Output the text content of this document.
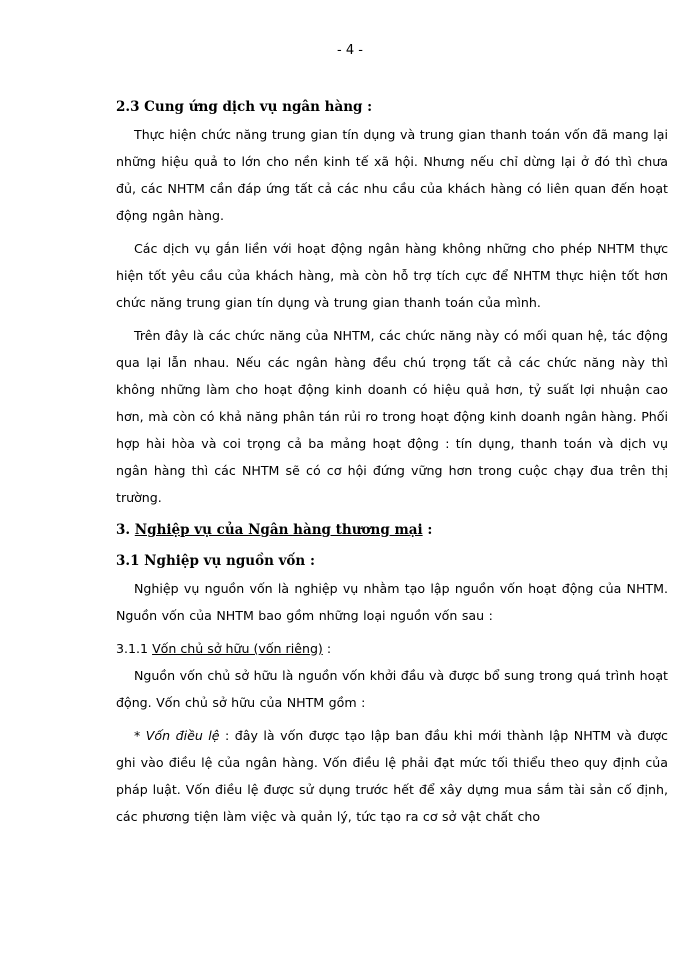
- 4 -

2.3 Cung ứng dịch vụ ngân hàng :

Thực hiện chức năng trung gian tín dụng và trung gian thanh toán vốn đã mang lại những hiệu quả to lớn cho nền kinh tế xã hội. Nhưng nếu chỉ dừng lại ở đó thì chưa đủ, các NHTM cần đáp ứng tất cả các nhu cầu của khách hàng có liên quan đến hoạt động ngân hàng.

Các dịch vụ gắn liền với hoạt động ngân hàng không những cho phép NHTM thực hiện tốt yêu cầu của khách hàng, mà còn hỗ trợ tích cực để NHTM thực hiện tốt hơn chức năng trung gian tín dụng và trung gian thanh toán của mình.

Trên đây là các chức năng của NHTM, các chức năng này có mối quan hệ, tác động qua lại lẫn nhau. Nếu các ngân hàng đều chú trọng tất cả các chức năng này thì không những làm cho hoạt động kinh doanh có hiệu quả hơn, tỷ suất lợi nhuận cao hơn, mà còn có khả năng phân tán rủi ro trong hoạt động kinh doanh ngân hàng. Phối hợp hài hòa và coi trọng cả ba mảng hoạt động : tín dụng, thanh toán và dịch vụ ngân hàng thì các NHTM sẽ có cơ hội đứng vững hơn trong cuộc chạy đua trên thị trường.

3. Nghiệp vụ của Ngân hàng thương mại :

3.1 Nghiệp vụ nguồn vốn :

Nghiệp vụ nguồn vốn là nghiệp vụ nhằm tạo lập nguồn vốn hoạt động của NHTM. Nguồn vốn của NHTM bao gồm những loại nguồn vốn sau :

3.1.1 Vốn chủ sở hữu (vốn riêng) :

Nguồn vốn chủ sở hữu là nguồn vốn khởi đầu và được bổ sung trong quá trình hoạt động. Vốn chủ sở hữu của NHTM gồm :

* Vốn điều lệ : đây là vốn được tạo lập ban đầu khi mới thành lập NHTM và được ghi vào điều lệ của ngân hàng. Vốn điều lệ phải đạt mức tối thiểu theo quy định của pháp luật. Vốn điều lệ được sử dụng trước hết để xây dựng mua sắm tài sản cố định, các phương tiện làm việc và quản lý, tức tạo ra cơ sở vật chất cho
